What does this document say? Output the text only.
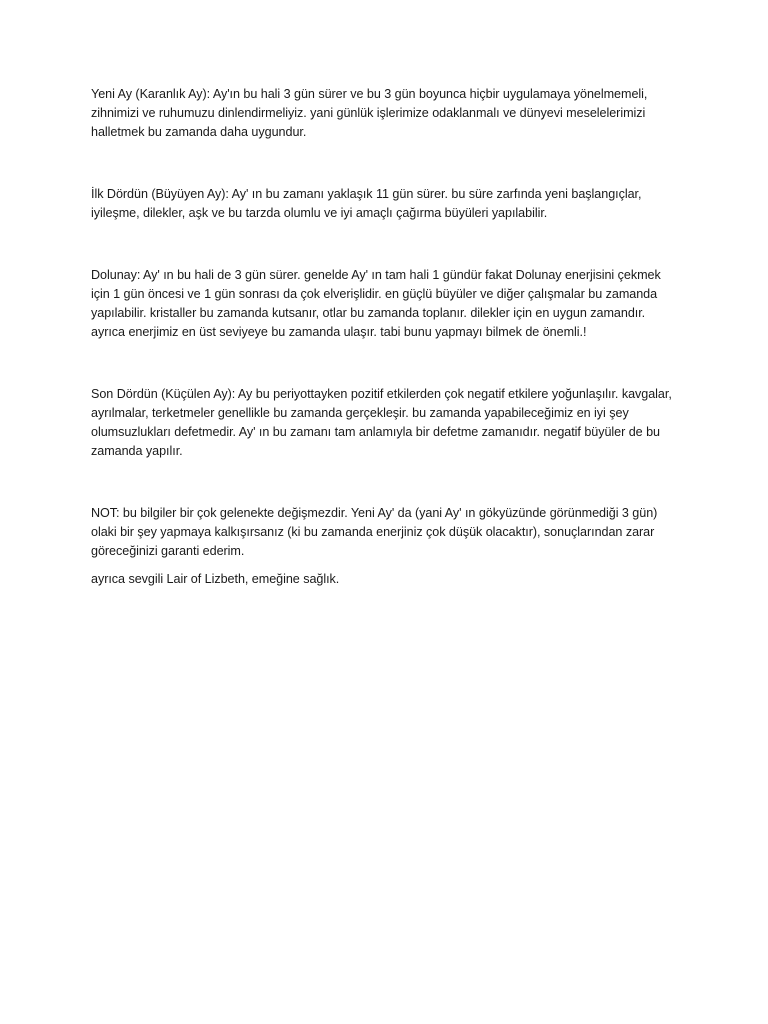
Yeni Ay (Karanlık Ay): Ay'ın bu hali 3 gün sürer ve bu 3 gün boyunca hiçbir uygulamaya yönelmemeli, zihnimizi ve ruhumuzu dinlendirmeliyiz. yani günlük işlerimize odaklanmalı ve dünyevi meselelerimizi halletmek bu zamanda daha uygundur.

İlk Dördün (Büyüyen Ay): Ay' ın bu zamanı yaklaşık 11 gün sürer. bu süre zarfında yeni başlangıçlar, iyileşme, dilekler, aşk ve bu tarzda olumlu ve iyi amaçlı çağırma büyüleri yapılabilir.

Dolunay: Ay' ın bu hali de 3 gün sürer. genelde Ay' ın tam hali 1 gündür fakat Dolunay enerjisini çekmek için 1 gün öncesi ve 1 gün sonrası da çok elverişlidir. en güçlü büyüler ve diğer çalışmalar bu zamanda yapılabilir. kristaller bu zamanda kutsanır, otlar bu zamanda toplanır. dilekler için en uygun zamandır. ayrıca enerjimiz en üst seviyeye bu zamanda ulaşır. tabi bunu yapmayı bilmek de önemli.!

Son Dördün (Küçülen Ay): Ay bu periyottayken pozitif etkilerden çok negatif etkilere yoğunlaşılır. kavgalar, ayrılmalar, terketmeler genellikle bu zamanda gerçekleşir. bu zamanda yapabileceğimiz en iyi şey olumsuzlukları defetmedir. Ay' ın bu zamanı tam anlamıyla bir defetme zamanıdır. negatif büyüler de bu zamanda yapılır.

NOT: bu bilgiler bir çok gelenekte değişmezdir. Yeni Ay' da (yani Ay' ın gökyüzünde görünmediği 3 gün) olaki bir şey yapmaya kalkışırsanız (ki bu zamanda enerjiniz çok düşük olacaktır), sonuçlarından zarar göreceğinizi garanti ederim.

ayrıca sevgili Lair of Lizbeth, emeğine sağlık.
